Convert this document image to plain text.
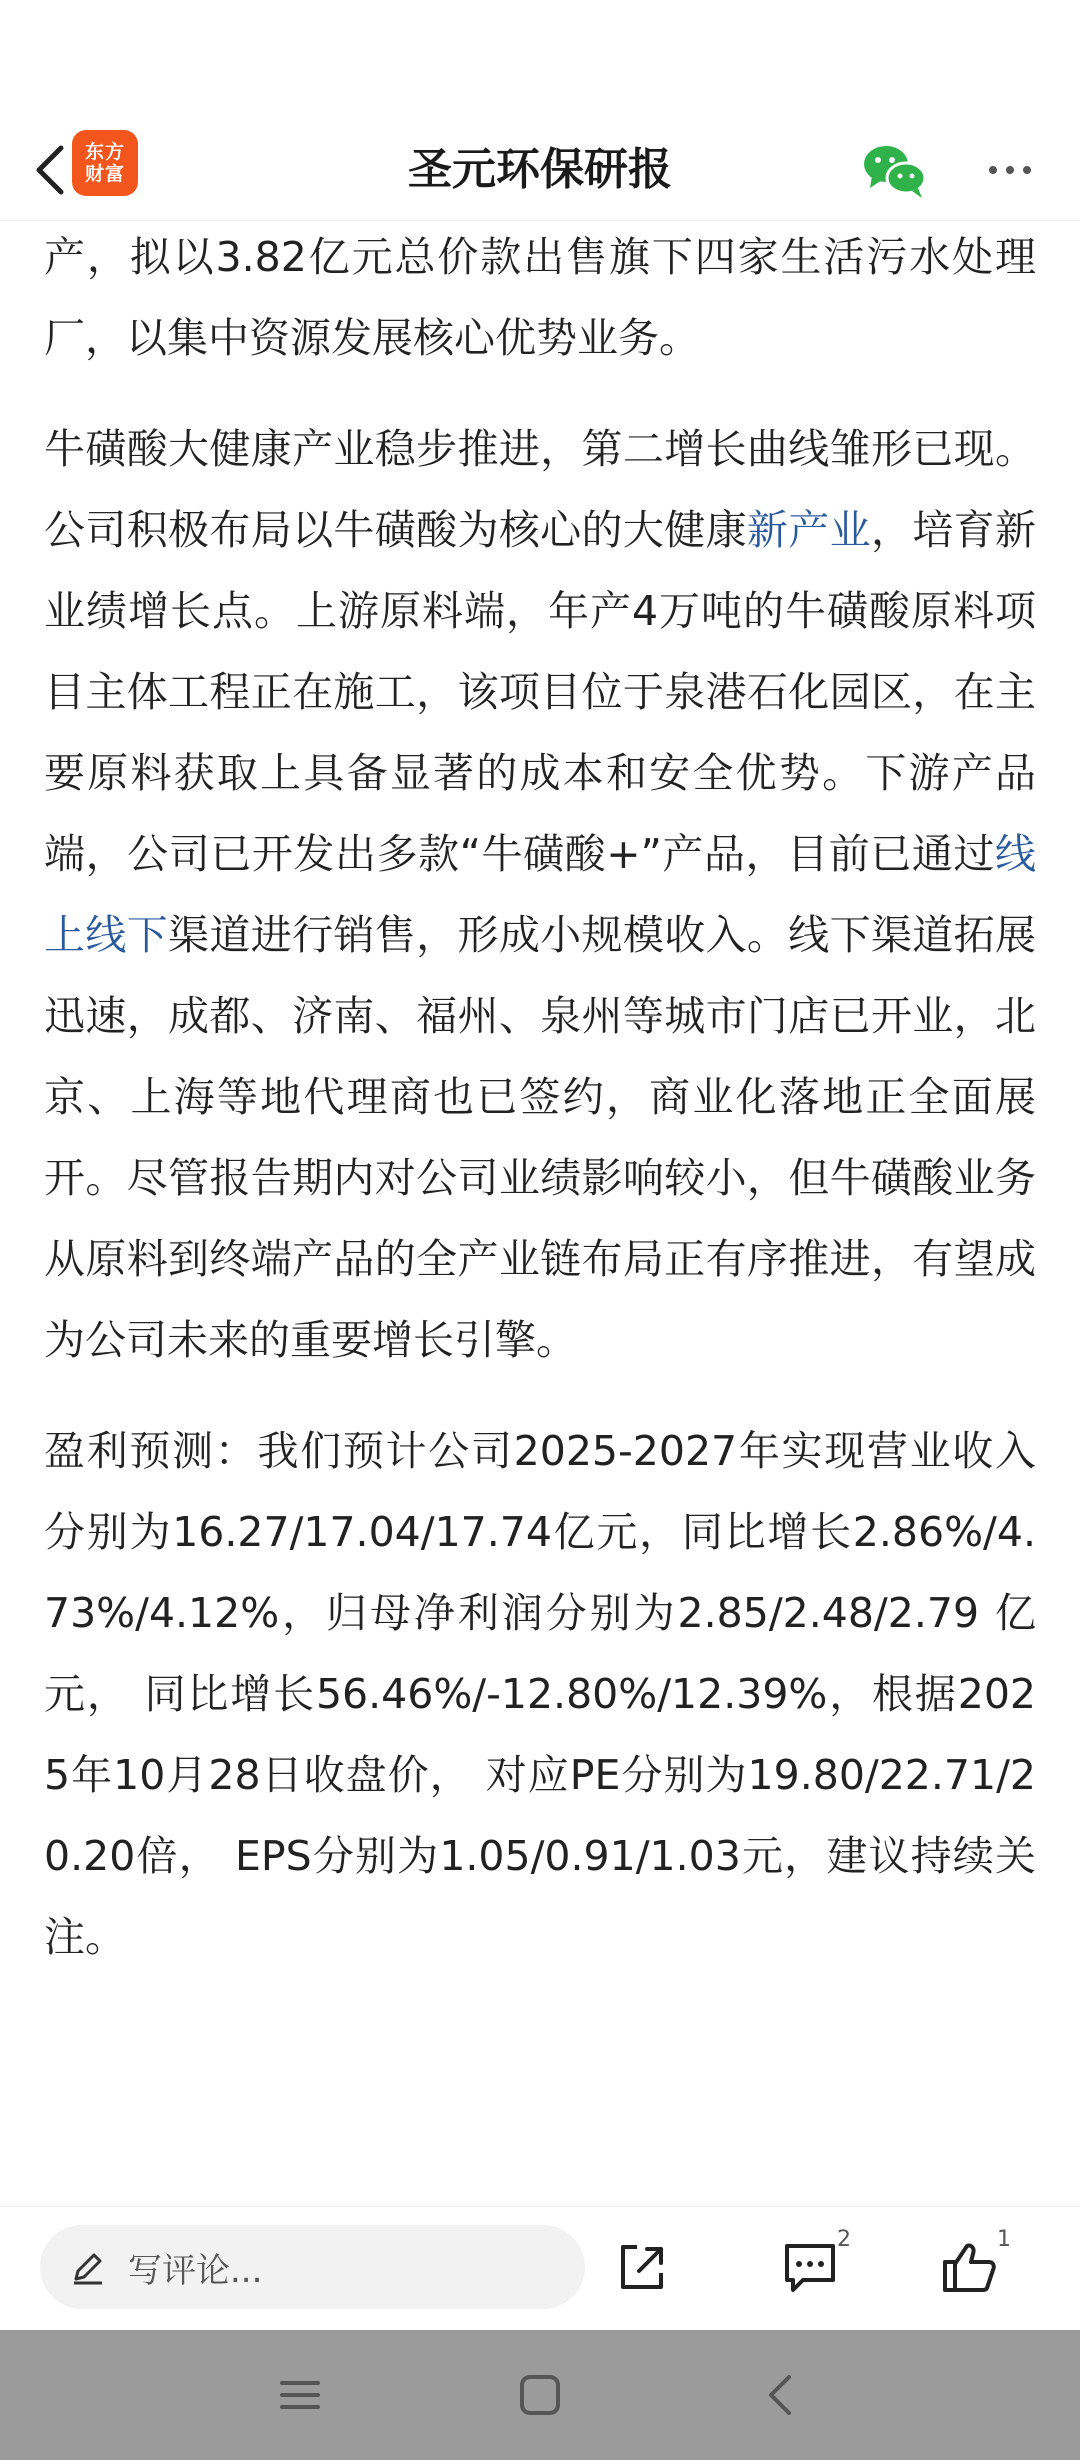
东方
财富	圣元环保研报

产，拟以3.82亿元总价款出售旗下四家生活污水处理厂，以集中资源发展核心优势业务。

牛磺酸大健康产业稳步推进，第二增长曲线雏形已现。公司积极布局以牛磺酸为核心的大健康新产业，培育新业绩增长点。上游原料端，年产4万吨的牛磺酸原料项目主体工程正在施工，该项目位于泉港石化园区，在主要原料获取上具备显著的成本和安全优势。下游产品端，公司已开发出多款“牛磺酸+”产品，目前已通过线上线下渠道进行销售，形成小规模收入。线下渠道拓展迅速，成都、济南、福州、泉州等城市门店已开业，北京、上海等地代理商也已签约，商业化落地正全面展开。尽管报告期内对公司业绩影响较小，但牛磺酸业务从原料到终端产品的全产业链布局正有序推进，有望成为公司未来的重要增长引擎。

盈利预测：我们预计公司2025-2027年实现营业收入分别为16.27/17.04/17.74亿元，同比增长2.86%/4.73%/4.12%，归母净利润分别为2.85/2.48/2.79 亿元， 同比增长56.46%/-12.80%/12.39%，根据2025年10月28日收盘价， 对应PE分别为19.80/22.71/20.20倍， EPS分别为1.05/0.91/1.03元，建议持续关注。

写评论...
2	1
